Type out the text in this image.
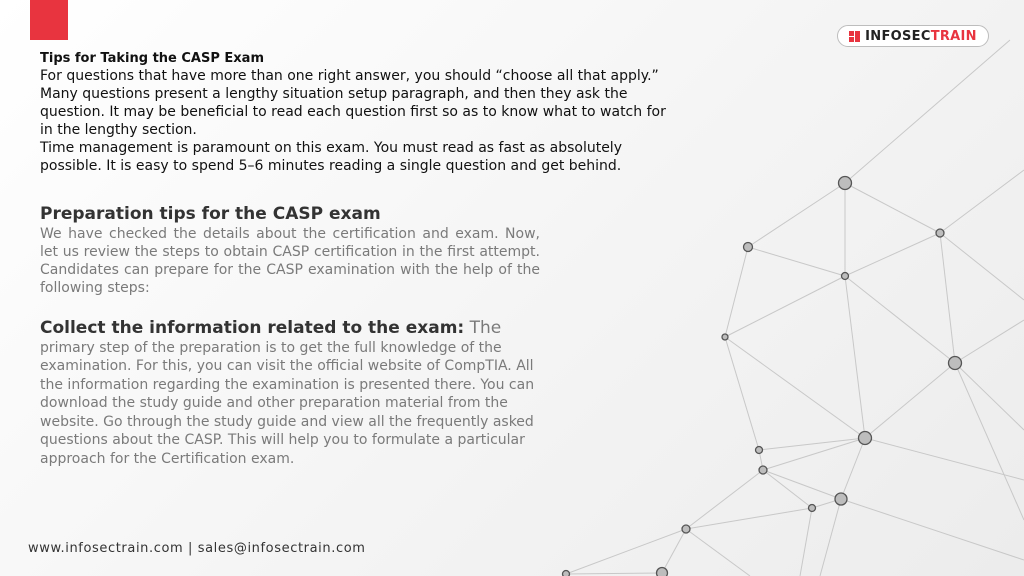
INFOSECTRAIN
Tips for Taking the CASP Exam

For questions that have more than one right answer, you should “choose all that apply.”

Many questions present a lengthy situation setup paragraph, and then they ask the question. It may be beneficial to read each question first so as to know what to watch for in the lengthy section.

Time management is paramount on this exam. You must read as fast as absolutely possible. It is easy to spend 5–6 minutes reading a single question and get behind.

Preparation tips for the CASP exam

We have checked the details about the certification and exam. Now, let us review the steps to obtain CASP certification in the first attempt. Candidates can prepare for the CASP examination with the help of the following steps:

Collect the information related to the exam: The primary step of the preparation is to get the full knowledge of the examination. For this, you can visit the official website of CompTIA. All the information regarding the examination is presented there. You can download the study guide and other preparation material from the website. Go through the study guide and view all the frequently asked questions about the CASP. This will help you to formulate a particular approach for the Certification exam.
www.infosectrain.com | sales@infosectrain.com
